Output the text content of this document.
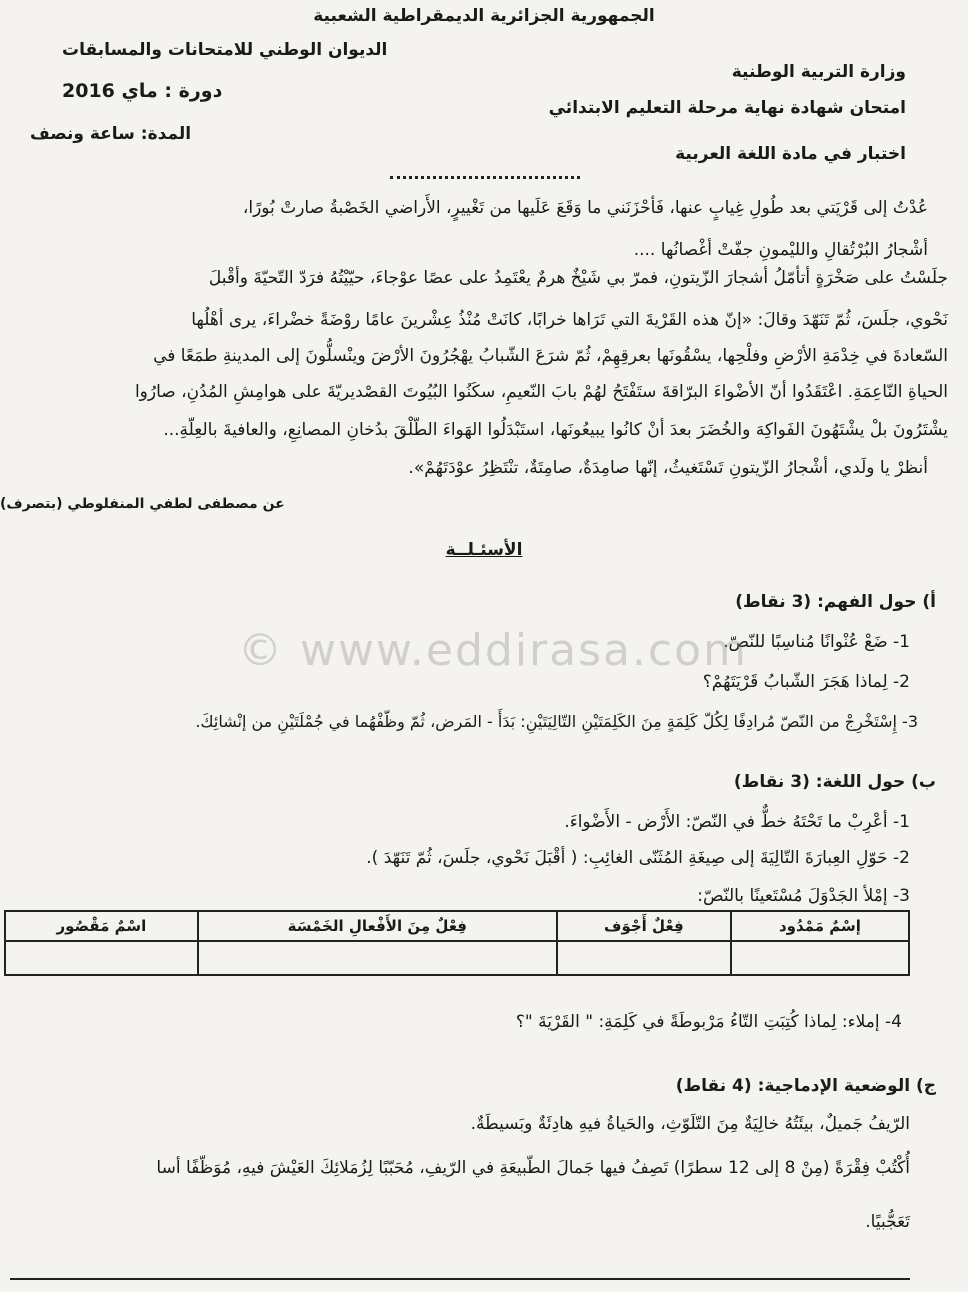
الجمهورية الجزائرية الديمقراطية الشعبية
وزارة التربية الوطنية
الديوان الوطني للامتحانات والمسابقات
امتحان شهادة نهاية مرحلة التعليم الابتدائي
دورة : ماي 2016
اختبار في مادة اللغة العربية
المدة: ساعة ونصف
عُدْتُ إلى قَرْيَتي بعد طُولِ غِيابٍ عنها، فَأحْزَنَني ما وَقَعَ عَلَيها من تَغْييرٍ، الأَراضي الخَصْبةُ صارتْ بُورًا،
أشْجارُ البُرْتُقالِ والليْمونِ جفّتْ أغْصانُها ....
جلَسْتُ على صَخْرَةٍ أتأمّلُ أشجارَ الزّيتونِ، فمرّ بي شَيْخٌ هرمٌ يعْتَمِدُ على عصًا عوْجاءَ، حيّيْتُهُ فرَدّ التّحيّةَ وأقْبلَ
نَحْوي، جلَسَ، ثُمّ تَنَهّدَ وقالَ: «إنّ هذه القَرْيةَ التي تَرَاها خرابًا، كانَتْ مُنْذُ عِشْرينَ عامًا روْضَةً خضْراءَ، يرى أهْلُها
السّعادةَ في خِدْمَةِ الأرْضِ وفلْحِها، يسْقُونَها بعرقِهِمْ، ثُمّ شرَعَ الشّبابُ يهْجُرُونَ الأرْضَ وينْسلُّونَ إلى المدينةِ طمَعًا في
الحياةِ النّاعِمَةِ. اعْتَقَدُوا أنّ الأضْواءَ البرّاقةَ ستَفْتَحُ لهُمْ بابَ النّعيمِ، سكَنُوا البُيُوتَ القصْديريّةَ على هوامِشِ المُدُنِ، صارُوا
يشْتَرُونَ بلْ يشْتَهُونَ الفَواكِهَ والخُضَرَ بعدَ أنْ كانُوا يبيعُونَها، استَبْدَلُوا الهَواءَ الطّلْقَ بدُخانِ المصانِعِ، والعافيةَ بالعِلّةِ...
أنظرْ يا ولَدي، أشْجارُ الزّيتونِ تَسْتَغيثُ، إنّها صامِدَةٌ، صامِتَةٌ، تنْتَظِرُ عوْدَتَهُمْ».
عن مصطفى لطفي المنفلوطي (بتصرف)
الأسئـلــة
أ) حول الفهم: (3 نقاط)
1- ضَعْ عُنْوانًا مُناسِبًا للنّصّ.
2- لِماذا هَجَرَ الشّبابُ قَرْيَتَهُمْ؟
3- إِسْتَخْرِجْ من النّصّ مُرادِفًا لِكُلّ كَلِمَةٍ مِنَ الكَلِمَتَيْنِ التّالِيَتَيْنِ: بَدَأَ - المَرض، ثُمّ وظّفْهُما في جُمْلَتَيْنِ من إنْشائِكَ.
© www.eddirasa.com
ب) حول اللغة: (3 نقاط)
1- أعْرِبْ ما تَحْتَهُ خطٌّ في النّصّ: الأَرْض - الأَضْواءَ.
2- حَوّلِ العِبارَةَ التّالِيَةَ إلى صِيغَةِ المُثَنّى الغائِبِ: ( أقْبَلَ نَحْوي، جلَسَ، ثُمّ تَنَهّدَ ).
3- إمْلأ الجَدْوَلَ مُسْتَعينًا بالنّصّ:
إسْمٌ مَمْدُود	فِعْلٌ أَجْوَف	فِعْلٌ مِنَ الأَفْعالِ الخَمْسَة	اسْمٌ مَقْصُور

4- إملاء: لِماذا كُتِبَتِ التّاءُ مَرْبوطَةً في كَلِمَةِ: " القَرْيَةَ "؟
ج) الوضعية الإدماجية: (4 نقاط)
الرّيفُ جَميلٌ، بيئَتُهُ خالِيَةٌ مِنَ التّلَوّثِ، والحَياةُ فيهِ هادِئَةٌ وبَسيطَةٌ.
أُكْتُبْ فِقْرَةً (مِنْ 8 إلى 12 سطرًا) تَصِفُ فيها جَمالَ الطّبيعَةِ في الرّيفِ، مُحَبّبًا لِزُمَلائِكَ العَيْشَ فيهِ، مُوَظّفًا أسا
تَعَجُّبيًا.
